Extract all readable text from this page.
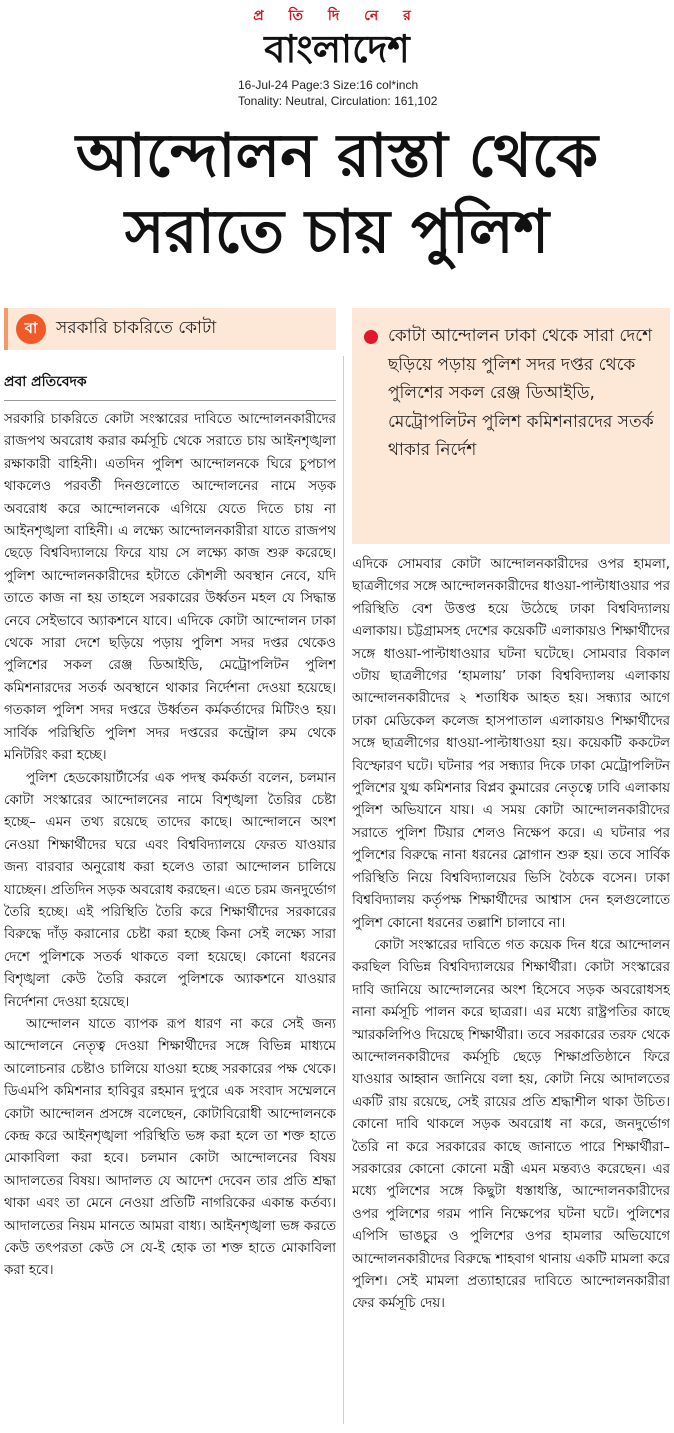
প্র তি দি নে র
বাংলাদেশ
16-Jul-24 Page:3 Size:16 col*inch
Tonality: Neutral, Circulation: 161,102
আন্দোলন রাস্তা থেকে
সরাতে চায় পুলিশ
বা	সরকারি চাকরিতে কোটা
প্রবা প্রতিবেদক

সরকারি চাকরিতে কোটা সংস্কারের দাবিতে আন্দোলনকারীদের রাজপথ অবরোধ করার কর্মসূচি থেকে সরাতে চায় আইনশৃঙ্খলা রক্ষাকারী বাহিনী। এতদিন পুলিশ আন্দোলনকে ঘিরে চুপচাপ থাকলেও পরবর্তী দিনগুলোতে আন্দোলনের নামে সড়ক অবরোধ করে আন্দোলনকে এগিয়ে যেতে দিতে চায় না আইনশৃঙ্খলা বাহিনী। এ লক্ষ্যে আন্দোলনকারীরা যাতে রাজপথ ছেড়ে বিশ্ববিদ্যালয়ে ফিরে যায় সে লক্ষ্যে কাজ শুরু করেছে। পুলিশ আন্দোলনকারীদের হটাতে কৌশলী অবস্থান নেবে, যদি তাতে কাজ না হয় তাহলে সরকারের উর্ধ্বতন মহল যে সিদ্ধান্ত নেবে সেইভাবে অ্যাকশনে যাবে। এদিকে কোটা আন্দোলন ঢাকা থেকে সারা দেশে ছড়িয়ে পড়ায় পুলিশ সদর দপ্তর থেকেও পুলিশের সকল রেঞ্জ ডিআইডি, মেট্রোপলিটন পুলিশ কমিশনারদের সতর্ক অবস্থানে থাকার নির্দেশনা দেওয়া হয়েছে। গতকাল পুলিশ সদর দপ্তরে উর্ধ্বতন কর্মকর্তাদের মিটিংও হয়। সার্বিক পরিস্থিতি পুলিশ সদর দপ্তরের কন্ট্রোল রুম থেকে মনিটরিং করা হচ্ছে।

পুলিশ হেডকোয়ার্টার্সের এক পদস্থ কর্মকর্তা বলেন, চলমান কোটা সংস্কারের আন্দোলনের নামে বিশৃঙ্খলা তৈরির চেষ্টা হচ্ছে– এমন তথ্য রয়েছে তাদের কাছে। আন্দোলনে অংশ নেওয়া শিক্ষার্থীদের ঘরে এবং বিশ্ববিদ্যালয়ে ফেরত যাওয়ার জন্য বারবার অনুরোধ করা হলেও তারা আন্দোলন চালিয়ে যাচ্ছেন। প্রতিদিন সড়ক অবরোধ করছেন। এতে চরম জনদুর্ভোগ তৈরি হচ্ছে। এই পরিস্থিতি তৈরি করে শিক্ষার্থীদের সরকারের বিরুদ্ধে দাঁড় করানোর চেষ্টা করা হচ্ছে কিনা সেই লক্ষ্যে সারা দেশে পুলিশকে সতর্ক থাকতে বলা হয়েছে। কোনো ধরনের বিশৃঙ্খলা কেউ তৈরি করলে পুলিশকে অ্যাকশনে যাওয়ার নির্দেশনা দেওয়া হয়েছে।

আন্দোলন যাতে ব্যাপক রূপ ধারণ না করে সেই জন্য আন্দোলনে নেতৃত্ব দেওয়া শিক্ষার্থীদের সঙ্গে বিভিন্ন মাধ্যমে আলোচনার চেষ্টাও চালিয়ে যাওয়া হচ্ছে সরকারের পক্ষ থেকে। ডিএমপি কমিশনার হাবিবুর রহমান দুপুরে এক সংবাদ সম্মেলনে কোটা আন্দোলন প্রসঙ্গে বলেছেন, কোটাবিরোধী আন্দোলনকে কেন্দ্র করে আইনশৃঙ্খলা পরিস্থিতি ভঙ্গ করা হলে তা শক্ত হাতে মোকাবিলা করা হবে। চলমান কোটা আন্দোলনের বিষয় আদালতের বিষয়। আদালত যে আদেশ দেবেন তার প্রতি শ্রদ্ধা থাকা এবং তা মেনে নেওয়া প্রতিটি নাগরিকের একান্ত কর্তব্য। আদালতের নিয়ম মানতে আমরা বাধ্য। আইনশৃঙ্খলা ভঙ্গ করতে কেউ তৎপরতা কেউ সে যে-ই হোক তা শক্ত হাতে মোকাবিলা করা হবে।

কোটা আন্দোলন ঢাকা থেকে সারা দেশে ছড়িয়ে পড়ায় পুলিশ সদর দপ্তর থেকে পুলিশের সকল রেঞ্জ ডিআইডি, মেট্রোপলিটন পুলিশ কমিশনারদের সতর্ক থাকার নির্দেশ

এদিকে সোমবার কোটা আন্দোলনকারীদের ওপর হামলা, ছাত্রলীগের সঙ্গে আন্দোলনকারীদের ধাওয়া-পাল্টাধাওয়ার পর পরিস্থিতি বেশ উত্তপ্ত হয়ে উঠেছে ঢাকা বিশ্ববিদ্যালয় এলাকায়। চট্টগ্রামসহ দেশের কয়েকটি এলাকায়ও শিক্ষার্থীদের সঙ্গে ধাওয়া-পাল্টাধাওয়ার ঘটনা ঘটেছে। সোমবার বিকাল ৩টায় ছাত্রলীগের ‘হামলায়’ ঢাকা বিশ্ববিদ্যালয় এলাকায় আন্দোলনকারীদের ২ শতাধিক আহত হয়। সন্ধ্যার আগে ঢাকা মেডিকেল কলেজ হাসপাতাল এলাকায়ও শিক্ষার্থীদের সঙ্গে ছাত্রলীগের ধাওয়া-পাল্টাধাওয়া হয়। কয়েকটি ককটেল বিস্ফোরণ ঘটে। ঘটনার পর সন্ধ্যার দিকে ঢাকা মেট্রোপলিটন পুলিশের যুগ্ম কমিশনার বিপ্লব কুমারের নেতৃত্বে ঢাবি এলাকায় পুলিশ অভিযানে যায়। এ সময় কোটা আন্দোলনকারীদের সরাতে পুলিশ টিয়ার শেলও নিক্ষেপ করে। এ ঘটনার পর পুলিশের বিরুদ্ধে নানা ধরনের স্লোগান শুরু হয়। তবে সার্বিক পরিস্থিতি নিয়ে বিশ্ববিদ্যালয়ের ভিসি বৈঠকে বসেন। ঢাকা বিশ্ববিদ্যালয় কর্তৃপক্ষ শিক্ষার্থীদের আশ্বাস দেন হলগুলোতে পুলিশ কোনো ধরনের তল্লাশি চালাবে না।

কোটা সংস্কারের দাবিতে গত কয়েক দিন ধরে আন্দোলন করছিল বিভিন্ন বিশ্ববিদ্যালয়ের শিক্ষার্থীরা। কোটা সংস্কারের দাবি জানিয়ে আন্দোলনের অংশ হিসেবে সড়ক অবরোধসহ নানা কর্মসূচি পালন করে ছাত্ররা। এর মধ্যে রাষ্ট্রপতির কাছে স্মারকলিপিও দিয়েছে শিক্ষার্থীরা। তবে সরকারের তরফ থেকে আন্দোলনকারীদের কর্মসূচি ছেড়ে শিক্ষাপ্রতিষ্ঠানে ফিরে যাওয়ার আহ্বান জানিয়ে বলা হয়, কোটা নিয়ে আদালতের একটি রায় রয়েছে, সেই রায়ের প্রতি শ্রদ্ধাশীল থাকা উচিত। কোনো দাবি থাকলে সড়ক অবরোধ না করে, জনদুর্ভোগ তৈরি না করে সরকারের কাছে জানাতে পারে শিক্ষার্থীরা– সরকারের কোনো কোনো মন্ত্রী এমন মন্তব্যও করেছেন। এর মধ্যে পুলিশের সঙ্গে কিছুটা ধস্তাধস্তি, আন্দোলনকারীদের ওপর পুলিশের গরম পানি নিক্ষেপের ঘটনা ঘটে। পুলিশের এপিসি ভাঙচুর ও পুলিশের ওপর হামলার অভিযোগে আন্দোলনকারীদের বিরুদ্ধে শাহবাগ থানায় একটি মামলা করে পুলিশ। সেই মামলা প্রত্যাহারের দাবিতে আন্দোলনকারীরা ফের কর্মসূচি দেয়।
